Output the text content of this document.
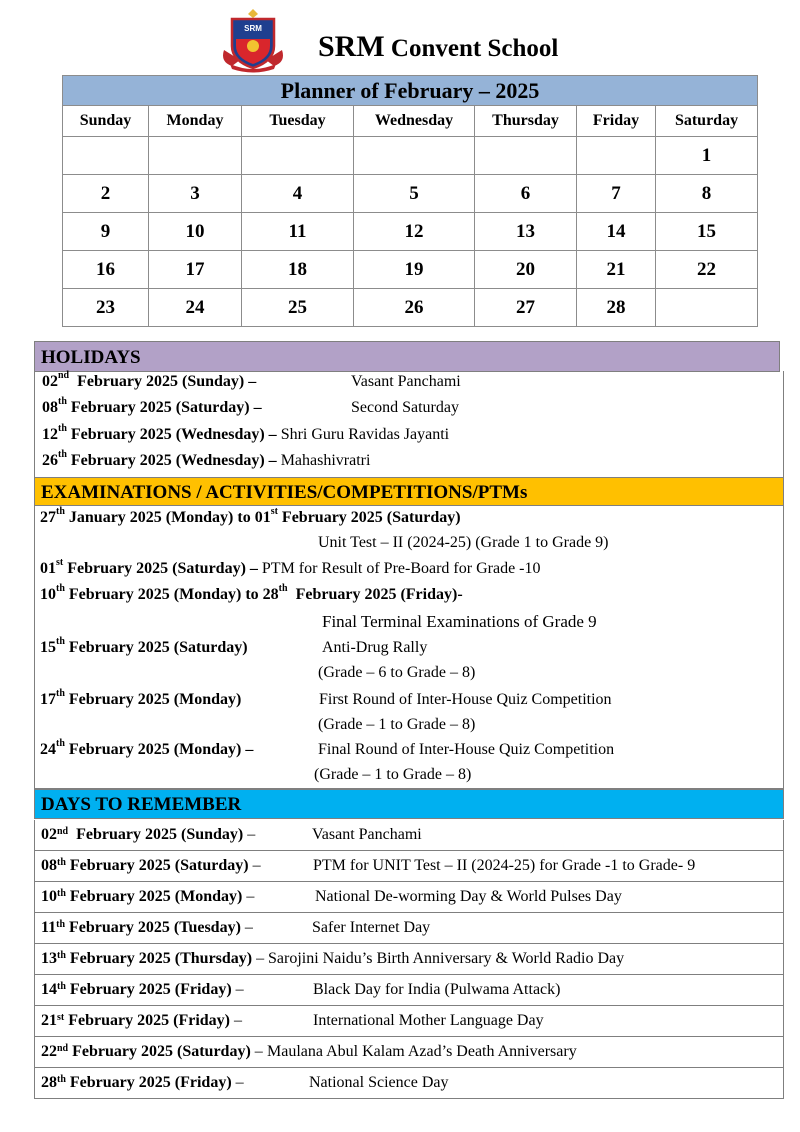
SRM
SRM Convent School
Planner of February – 2025						
Sunday	Monday	Tuesday	Wednesday	Thursday	Friday	Saturday
						1
2	3	4	5	6	7	8
9	10	11	12	13	14	15
16	17	18	19	20	21	22
23	24	25	26	27	28	
HOLIDAYS
02nd  February 2025 (Sunday) –	Vasant Panchami
08th February 2025 (Saturday) –	Second Saturday
12th February 2025 (Wednesday) – Shri Guru Ravidas Jayanti
26th February 2025 (Wednesday) – Mahashivratri
EXAMINATIONS / ACTIVITIES/COMPETITIONS/PTMs
27th January 2025 (Monday) to 01st February 2025 (Saturday)
Unit Test – II (2024-25) (Grade 1 to Grade 9)
01st February 2025 (Saturday) – PTM for Result of Pre-Board for Grade -10
10th February 2025 (Monday) to 28th  February 2025 (Friday)-
Final Terminal Examinations of Grade 9
15th February 2025 (Saturday)	Anti-Drug Rally
(Grade – 6 to Grade – 8)
17th February 2025 (Monday)	First Round of Inter-House Quiz Competition
(Grade – 1 to Grade – 8)
24th February 2025 (Monday) –	Final Round of Inter-House Quiz Competition
(Grade – 1 to Grade – 8)
DAYS TO REMEMBER
02nd  February 2025 (Sunday) –	Vasant Panchami
08th February 2025 (Saturday) –	PTM for UNIT Test – II (2024-25) for Grade -1 to Grade- 9
10th February 2025 (Monday) –	National De-worming Day & World Pulses Day
11th February 2025 (Tuesday) –	Safer Internet Day
13th February 2025 (Thursday) – Sarojini Naidu’s Birth Anniversary & World Radio Day
14th February 2025 (Friday) –	Black Day for India (Pulwama Attack)
21st February 2025 (Friday) –	International Mother Language Day
22nd February 2025 (Saturday) – Maulana Abul Kalam Azad’s Death Anniversary
28th February 2025 (Friday) –	National Science Day
